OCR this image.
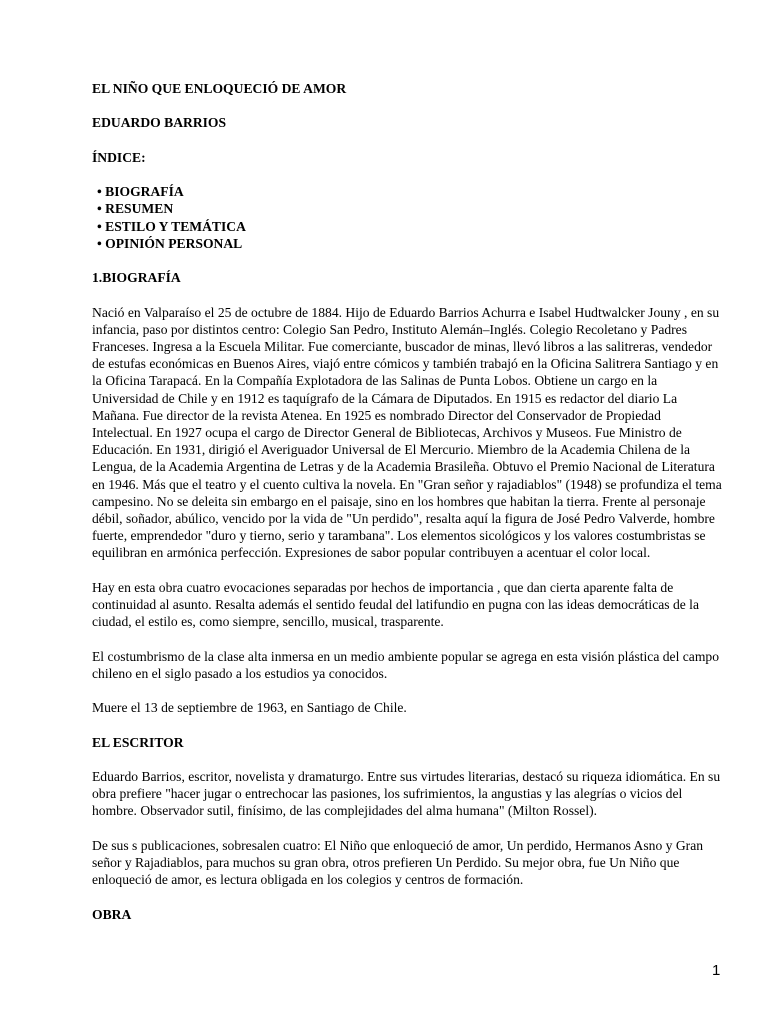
EL NIÑO QUE ENLOQUECIÓ DE AMOR

EDUARDO BARRIOS

ÍNDICE:

• BIOGRAFÍA
• RESUMEN
• ESTILO Y TEMÁTICA
• OPINIÓN PERSONAL

1.BIOGRAFÍA

Nació en Valparaíso el 25 de octubre de 1884. Hijo de Eduardo Barrios Achurra e Isabel Hudtwalcker Jouny , en su infancia, paso por distintos centro: Colegio San Pedro, Instituto Alemán–Inglés. Colegio Recoletano y Padres Franceses. Ingresa a la Escuela Militar. Fue comerciante, buscador de minas, llevó libros a las salitreras, vendedor de estufas económicas en Buenos Aires, viajó entre cómicos y también trabajó en la Oficina Salitrera Santiago y en la Oficina Tarapacá. En la Compañía Explotadora de las Salinas de Punta Lobos. Obtiene un cargo en la Universidad de Chile y en 1912 es taquígrafo de la Cámara de Diputados. En 1915 es redactor del diario La Mañana. Fue director de la revista Atenea. En 1925 es nombrado Director del Conservador de Propiedad Intelectual. En 1927 ocupa el cargo de Director General de Bibliotecas, Archivos y Museos. Fue Ministro de Educación. En 1931, dirigió el Averiguador Universal de El Mercurio. Miembro de la Academia Chilena de la Lengua, de la Academia Argentina de Letras y de la Academia Brasileña. Obtuvo el Premio Nacional de Literatura en 1946. Más que el teatro y el cuento cultiva la novela. En "Gran señor y rajadiablos" (1948) se profundiza el tema campesino. No se deleita sin embargo en el paisaje, sino en los hombres que habitan la tierra. Frente al personaje débil, soñador, abúlico, vencido por la vida de "Un perdido", resalta aquí la figura de José Pedro Valverde, hombre fuerte, emprendedor "duro y tierno, serio y tarambana". Los elementos sicológicos y los valores costumbristas se equilibran en armónica perfección. Expresiones de sabor popular contribuyen a acentuar el color local.

Hay en esta obra cuatro evocaciones separadas por hechos de importancia , que dan cierta aparente falta de continuidad al asunto. Resalta además el sentido feudal del latifundio en pugna con las ideas democráticas de la ciudad, el estilo es, como siempre, sencillo, musical, trasparente.

El costumbrismo de la clase alta inmersa en un medio ambiente popular se agrega en esta visión plástica del campo chileno en el siglo pasado a los estudios ya conocidos.

Muere el 13 de septiembre de 1963, en Santiago de Chile.

EL ESCRITOR

Eduardo Barrios, escritor, novelista y dramaturgo. Entre sus virtudes literarias, destacó su riqueza idiomática. En su obra prefiere "hacer jugar o entrechocar las pasiones, los sufrimientos, la angustias y las alegrías o vicios del hombre. Observador sutil, finísimo, de las complejidades del alma humana" (Milton Rossel).

De sus s publicaciones, sobresalen cuatro: El Niño que enloqueció de amor, Un perdido, Hermanos Asno y Gran señor y Rajadiablos, para muchos su gran obra, otros prefieren Un Perdido. Su mejor obra, fue Un Niño que enloqueció de amor, es lectura obligada en los colegios y centros de formación.

OBRA

1
